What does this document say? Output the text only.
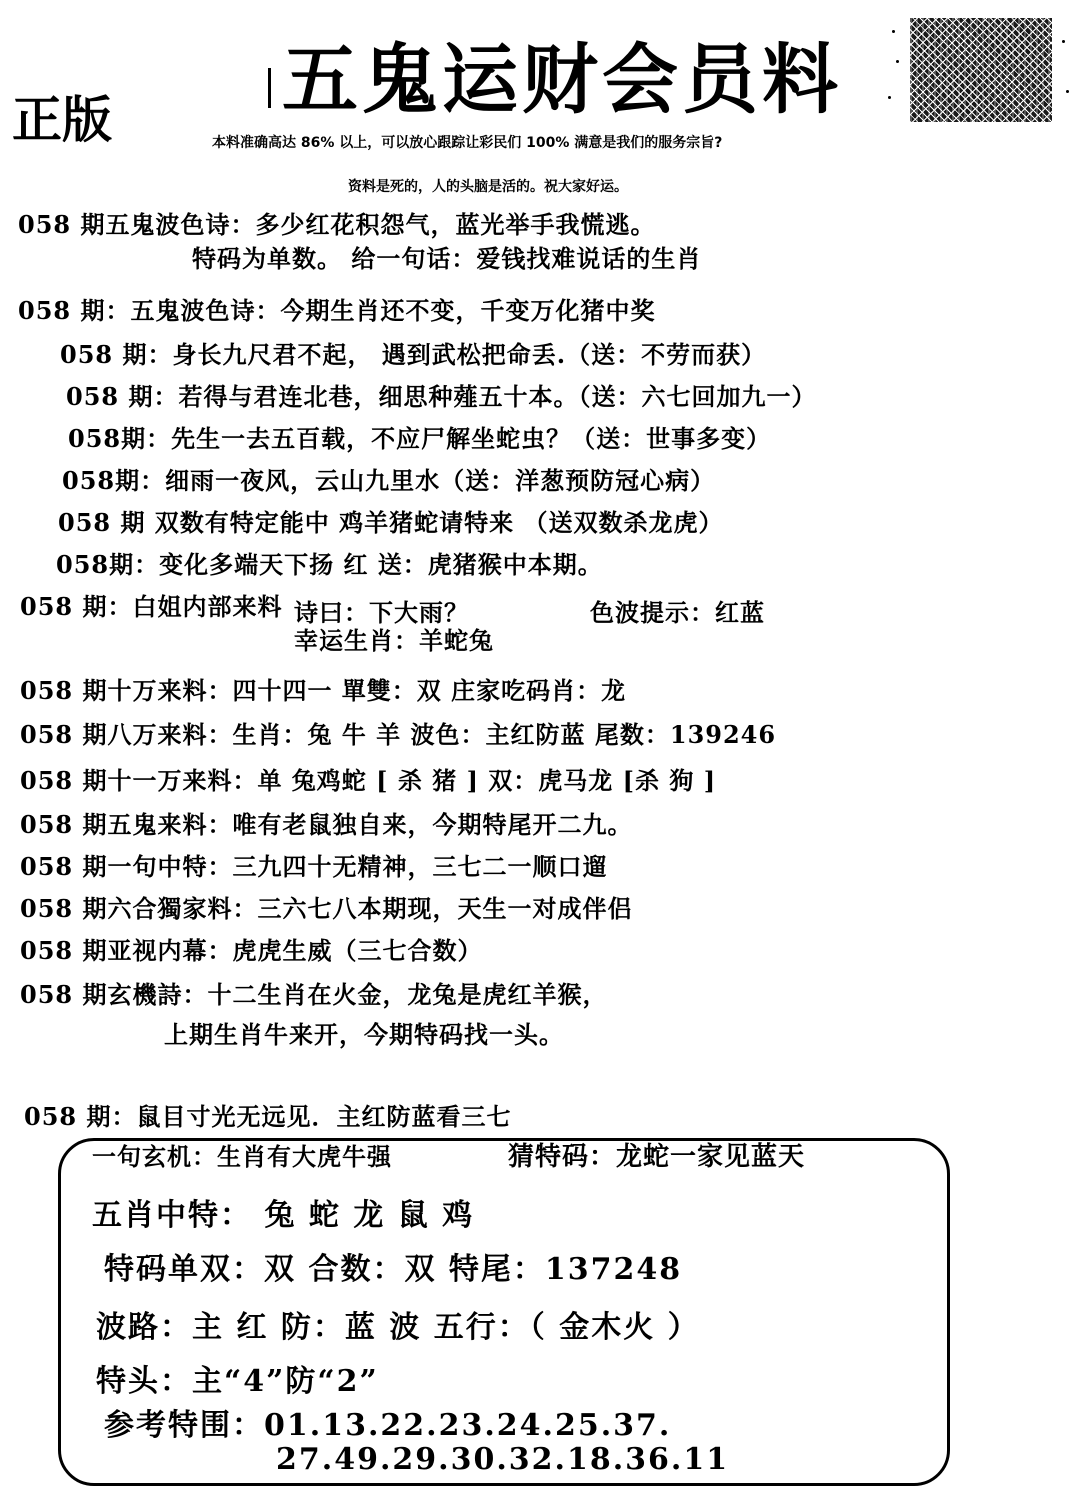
五鬼运财会员料
正版	本料准确高达 86% 以上，可以放心跟踪让彩民们 100% 满意是我们的服务宗旨?
资料是死的，人的头脑是活的。祝大家好运。
058 期五鬼波色诗：多少红花积怨气，蓝光举手我慌逃。
特码为单数。 给一句话：爱钱找难说话的生肖
058 期：五鬼波色诗：今期生肖还不变，千变万化猪中奖
058 期：身长九尺君不起， 遇到武松把命丢.（送：不劳而获）
058 期：若得与君连北巷，细思种薤五十本。（送：六七回加九一）
058期：先生一去五百载，不应尸解坐蛇虫？（送：世事多变）
058期：细雨一夜风，云山九里水（送：洋葱预防冠心病）
058 期 双数有特定能中 鸡羊猪蛇请特来 （送双数杀龙虎）
058期：变化多端天下扬 红 送：虎猪猴中本期。
058 期：白姐内部来料 诗曰：下大雨？	色波提示：红蓝
幸运生肖：羊蛇兔
058 期十万来料：四十四一 單雙：双 庄家吃码肖：龙
058 期八万来料：生肖：兔 牛 羊 波色：主红防蓝 尾数：139246
058 期十一万来料：单 兔鸡蛇 [ 杀 猪 ] 双：虎马龙 [杀 狗 ]
058 期五鬼来料：唯有老鼠独自来，今期特尾开二九。
058 期一句中特：三九四十无精神，三七二一顺口遛
058 期六合獨家料：三六七八本期现，天生一对成伴侣
058 期亚视内幕：虎虎生威（三七合数）
058 期玄機詩：十二生肖在火金，龙兔是虎红羊猴，
上期生肖牛来开，今期特码找一头。
058 期：鼠目寸光无远见．主红防蓝看三七
一句玄机：生肖有大虎牛强	猜特码：龙蛇一家见蓝天
五肖中特： 兔 蛇 龙 鼠 鸡
特码单双：双 合数：双 特尾：137248
波路：主 红 防：蓝 波 五行：（ 金木火 ）
特头：主“4”防“2”
参考特围：01.13.22.23.24.25.37.
27.49.29.30.32.18.36.11
